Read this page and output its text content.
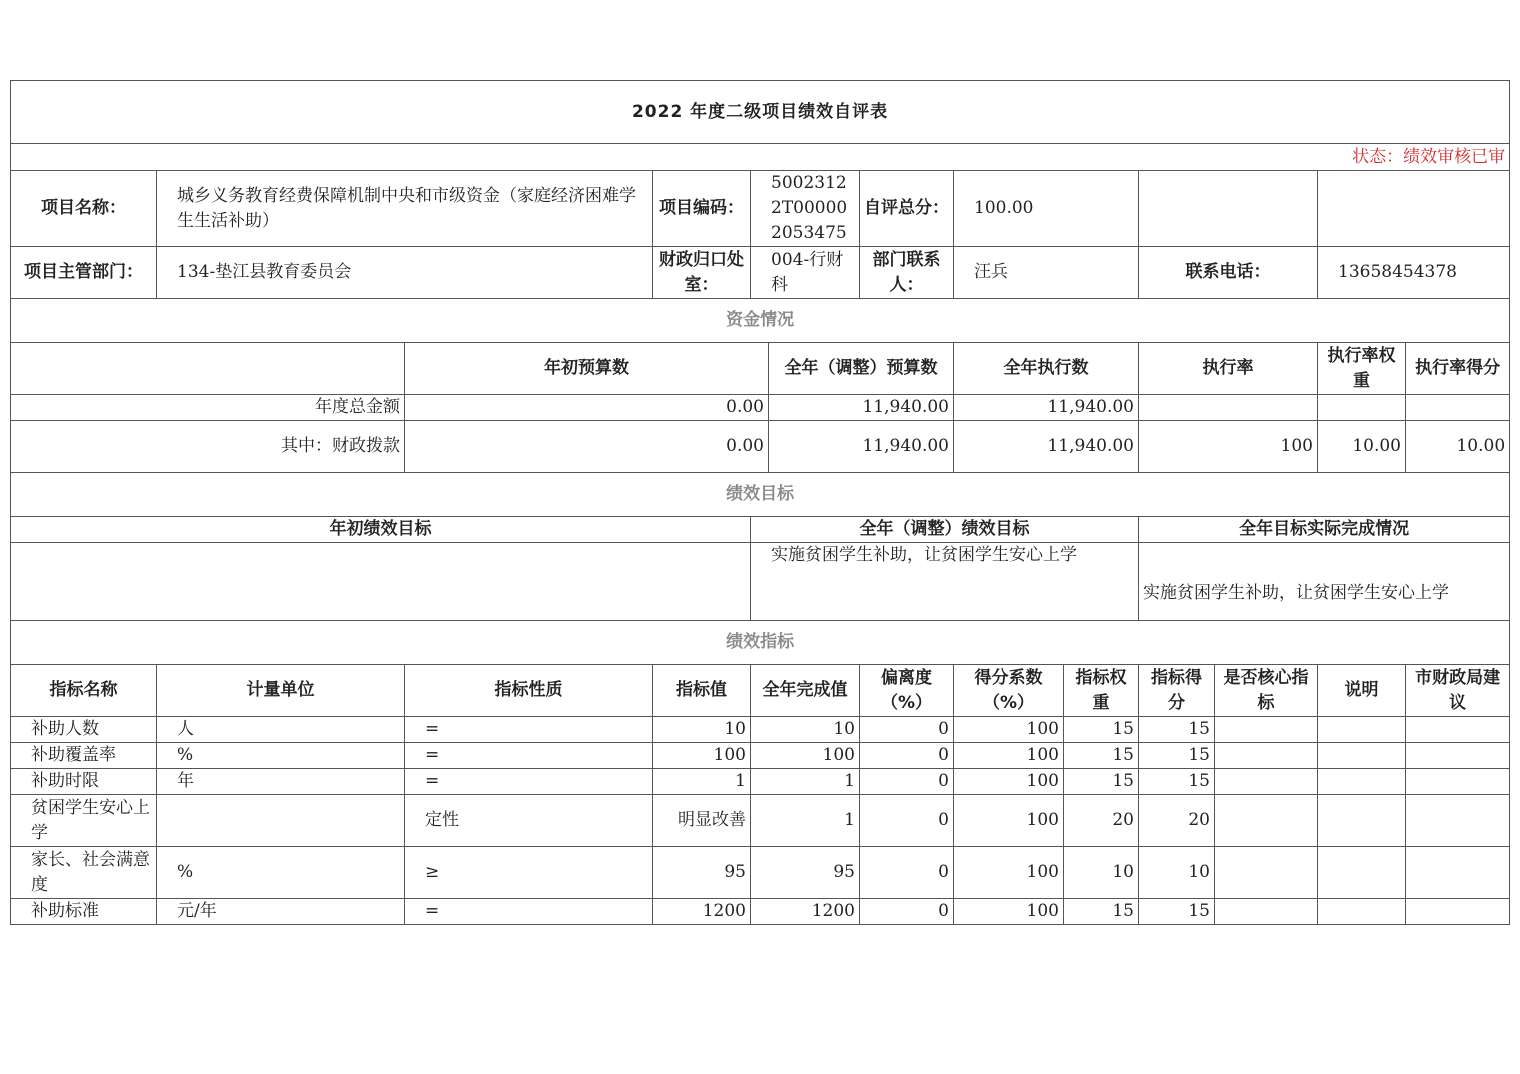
2022 年度二级项目绩效自评表												
状态：绩效审核已审												
项目名称：	城乡义务教育经费保障机制中央和市级资金（家庭经济困难学生生活补助）		项目编码：	50023122T000002053475		自评总分：	100.00					
项目主管部门：	134-垫江县教育委员会		财政归口处室：	004-行财科		部门联系人：	汪兵		联系电话：		13658454378	
资金情况												
		年初预算数			全年（调整）预算数		全年执行数		执行率		执行率权重	执行率得分
年度总金额		0.00			11,940.00		11,940.00					
其中：财政拨款		0.00			11,940.00		11,940.00		100		10.00	10.00
绩效目标												
年初绩效目标				全年（调整）绩效目标					全年目标实际完成情况			
				实施贫困学生补助，让贫困学生安心上学					实施贫困学生补助，让贫困学生安心上学			
绩效指标												
指标名称	计量单位	指标性质	指标值	全年完成值		偏离度（%）	得分系数（%）	指标权重	指标得分	是否核心指标	说明	市财政局建议
补助人数	人	=	10	10		0	100	15	15			
补助覆盖率	%	=	100	100		0	100	15	15			
补助时限	年	=	1	1		0	100	15	15			
贫困学生安心上学		定性	明显改善	1		0	100	20	20			
家长、社会满意度	%	≥	95	95		0	100	10	10			
补助标准	元/年	=	1200	1200		0	100	15	15			
